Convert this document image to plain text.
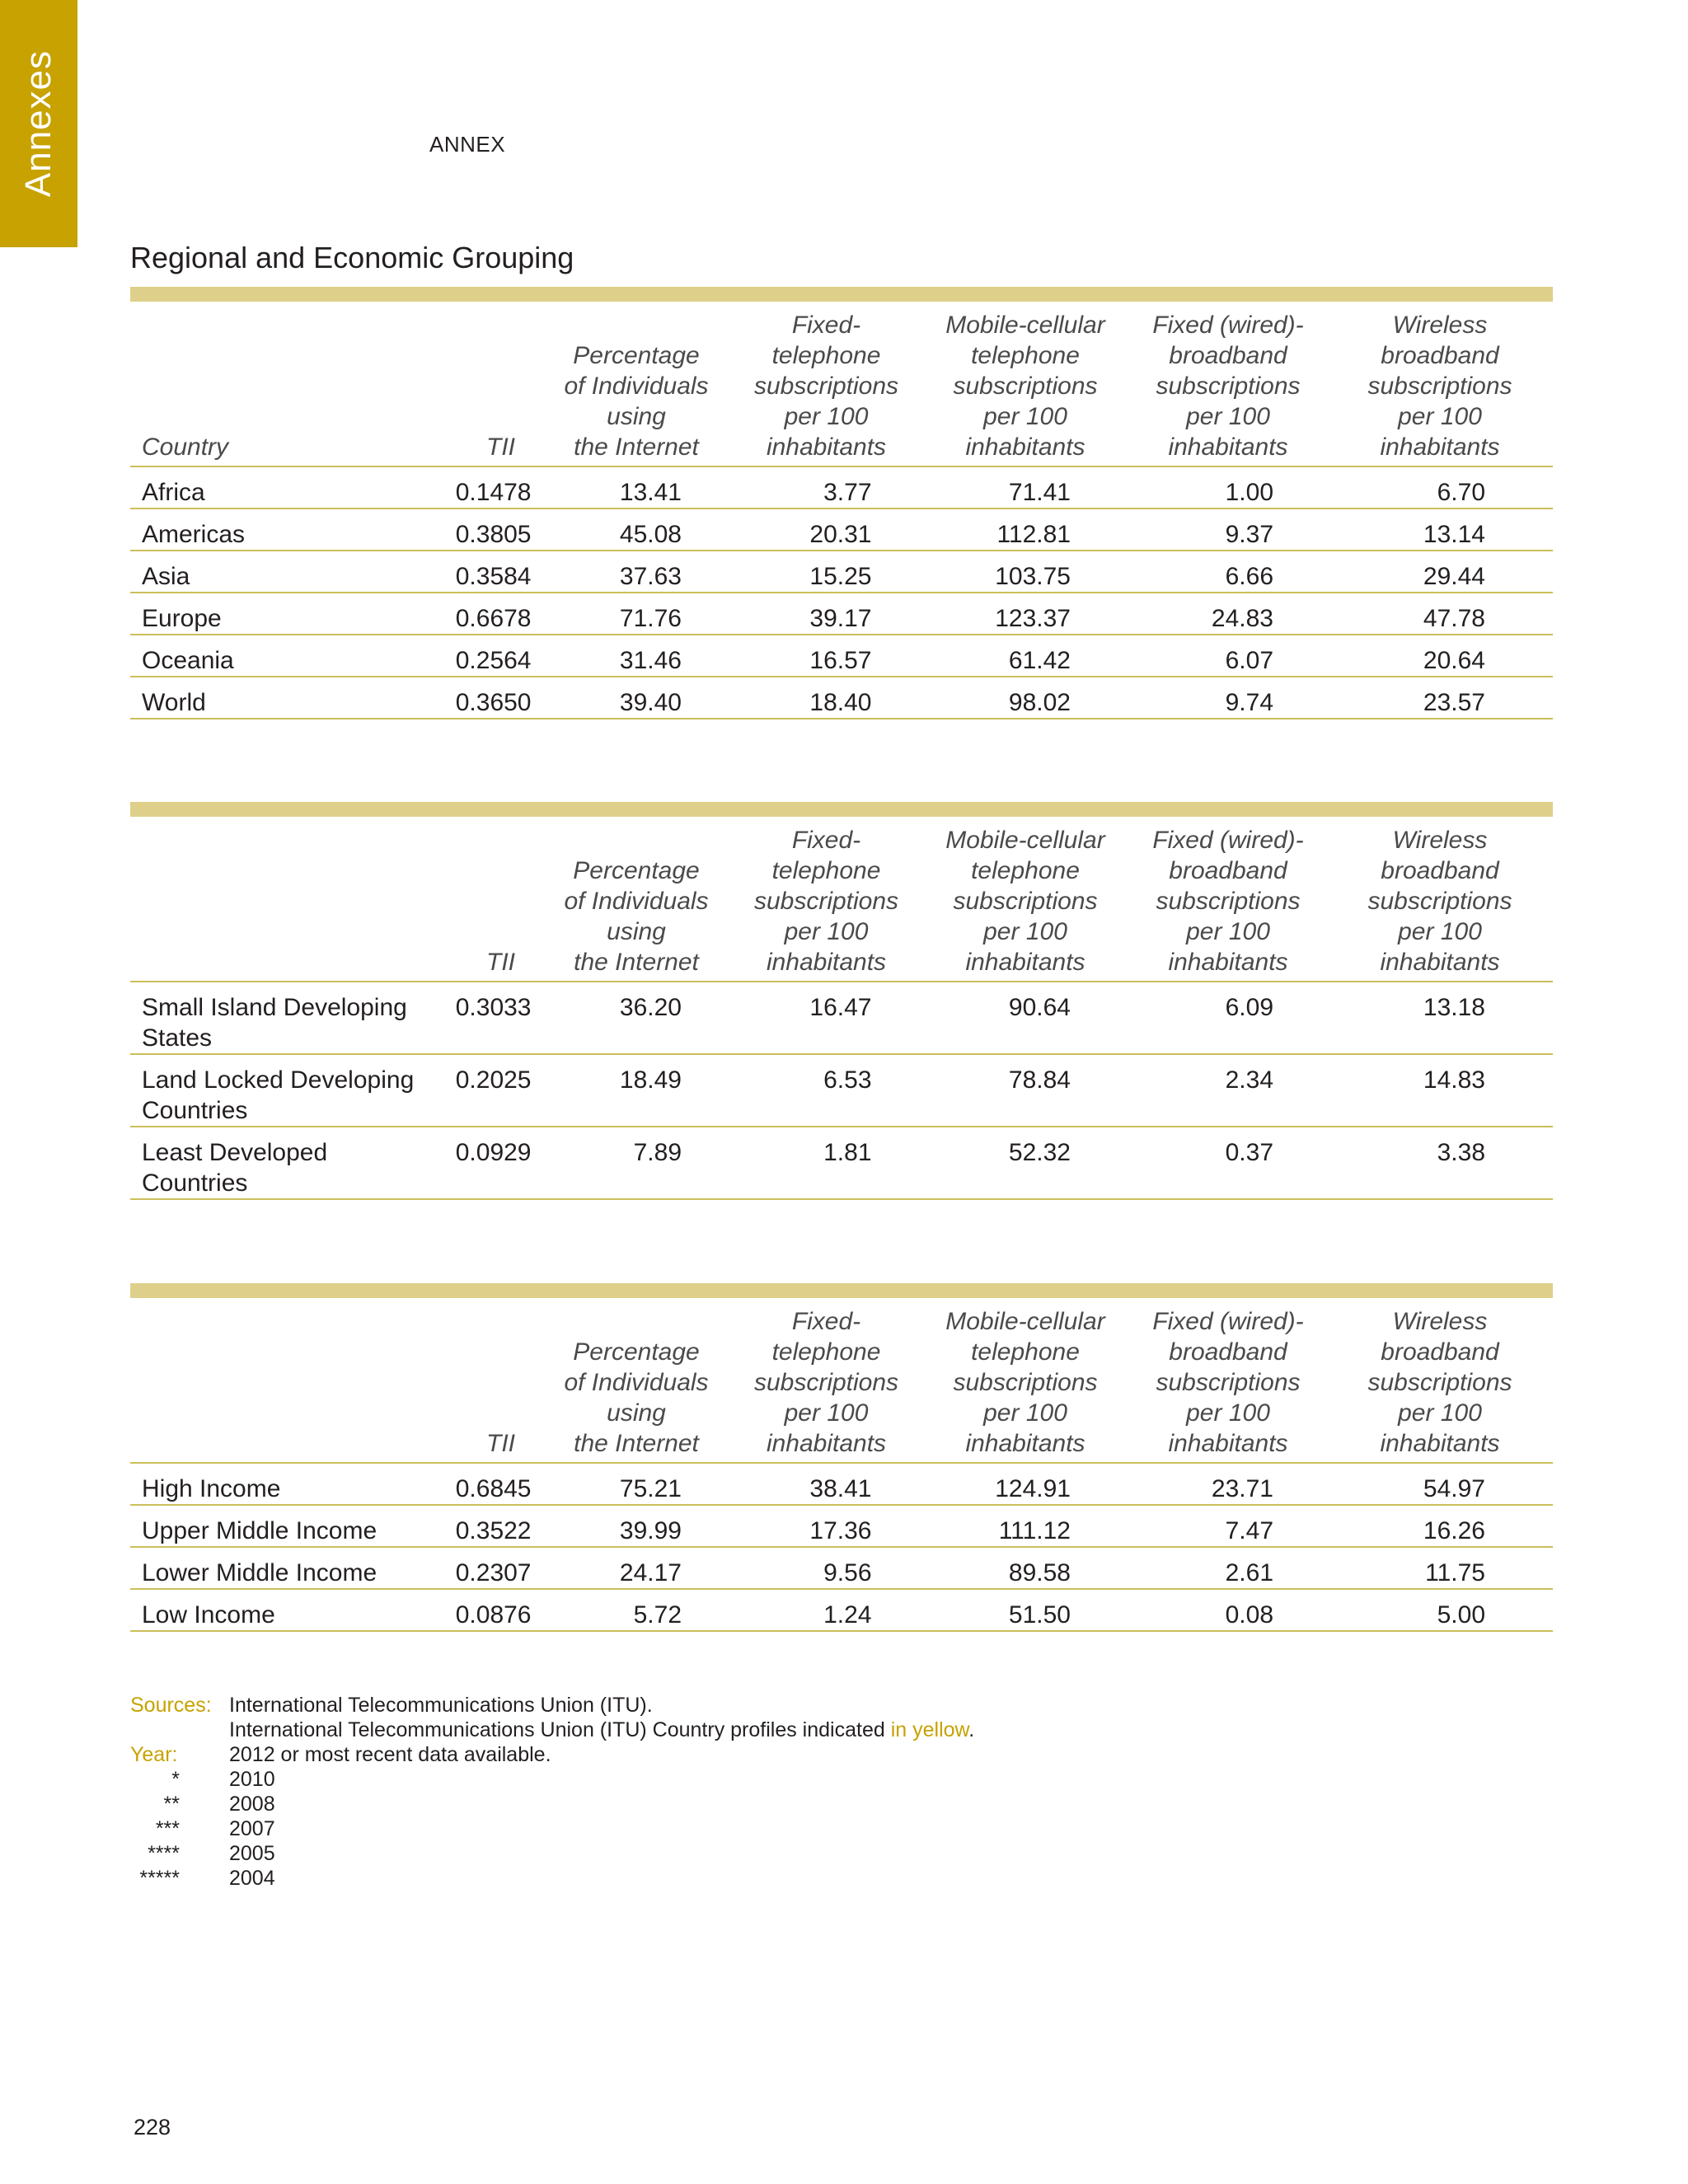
Annexes	ANNEX
Regional and Economic Grouping
Country	TII	Percentage
of Individuals
using
the Internet	Fixed-
telephone
subscriptions
per 100
inhabitants	Mobile-cellular
telephone
subscriptions
per 100
inhabitants	Fixed (wired)-
broadband
subscriptions
per 100
inhabitants	Wireless
broadband
subscriptions
per 100
inhabitants

Africa	0.1478	13.41	3.77	71.41	1.00	6.70
Americas	0.3805	45.08	20.31	112.81	9.37	13.14
Asia	0.3584	37.63	15.25	103.75	6.66	29.44
Europe	0.6678	71.76	39.17	123.37	24.83	47.78
Oceania	0.2564	31.46	16.57	61.42	6.07	20.64
World	0.3650	39.40	18.40	98.02	9.74	23.57
	TII	Percentage
of Individuals
using
the Internet	Fixed-
telephone
subscriptions
per 100
inhabitants	Mobile-cellular
telephone
subscriptions
per 100
inhabitants	Fixed (wired)-
broadband
subscriptions
per 100
inhabitants	Wireless
broadband
subscriptions
per 100
inhabitants

Small Island Developing States	0.3033	36.20	16.47	90.64	6.09	13.18
Land Locked Developing Countries	0.2025	18.49	6.53	78.84	2.34	14.83
Least Developed Countries	0.0929	7.89	1.81	52.32	0.37	3.38
	TII	Percentage
of Individuals
using
the Internet	Fixed-
telephone
subscriptions
per 100
inhabitants	Mobile-cellular
telephone
subscriptions
per 100
inhabitants	Fixed (wired)-
broadband
subscriptions
per 100
inhabitants	Wireless
broadband
subscriptions
per 100
inhabitants

High Income	0.6845	75.21	38.41	124.91	23.71	54.97
Upper Middle Income	0.3522	39.99	17.36	111.12	7.47	16.26
Lower Middle Income	0.2307	24.17	9.56	89.58	2.61	11.75
Low Income	0.0876	5.72	1.24	51.50	0.08	5.00
Sources: International Telecommunications Union (ITU).
International Telecommunications Union (ITU) Country profiles indicated in yellow.
Year:	2012 or most recent data available.
*	2010
**	2008
***	2007
****	2005
*****	2004
228
